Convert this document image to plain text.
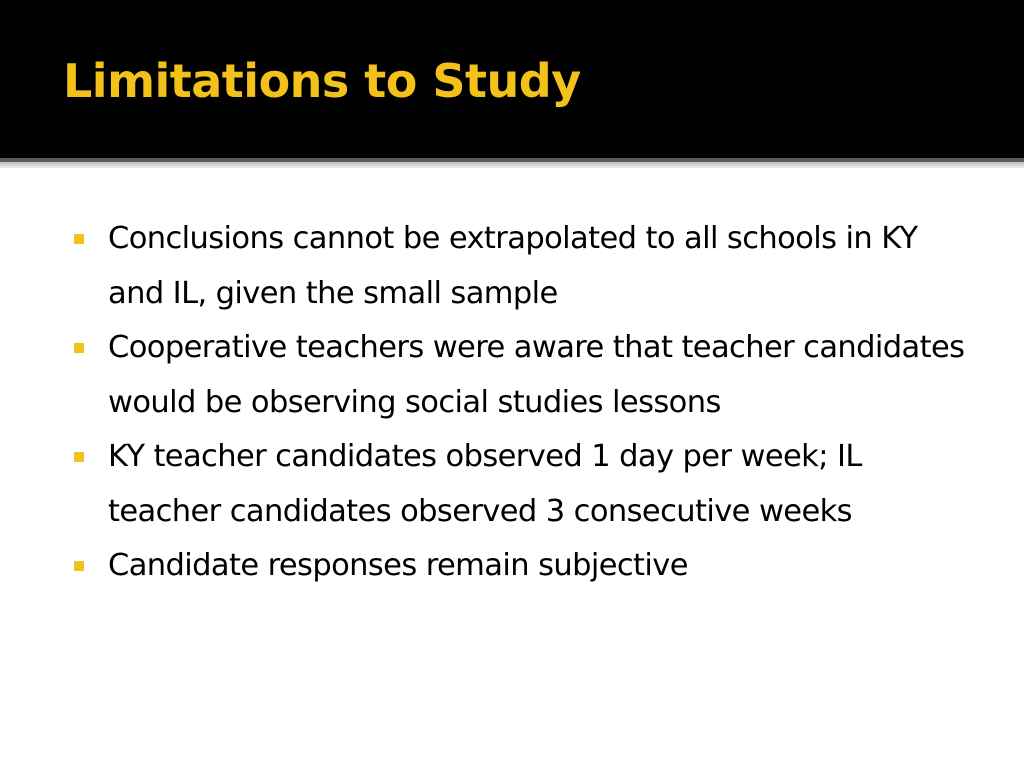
Limitations to Study
Conclusions cannot be extrapolated to all schools in KY and IL, given the small sample
Cooperative teachers were aware that teacher candidates would be observing social studies lessons
KY teacher candidates observed 1 day per week; IL teacher candidates observed 3 consecutive weeks
Candidate responses remain subjective
